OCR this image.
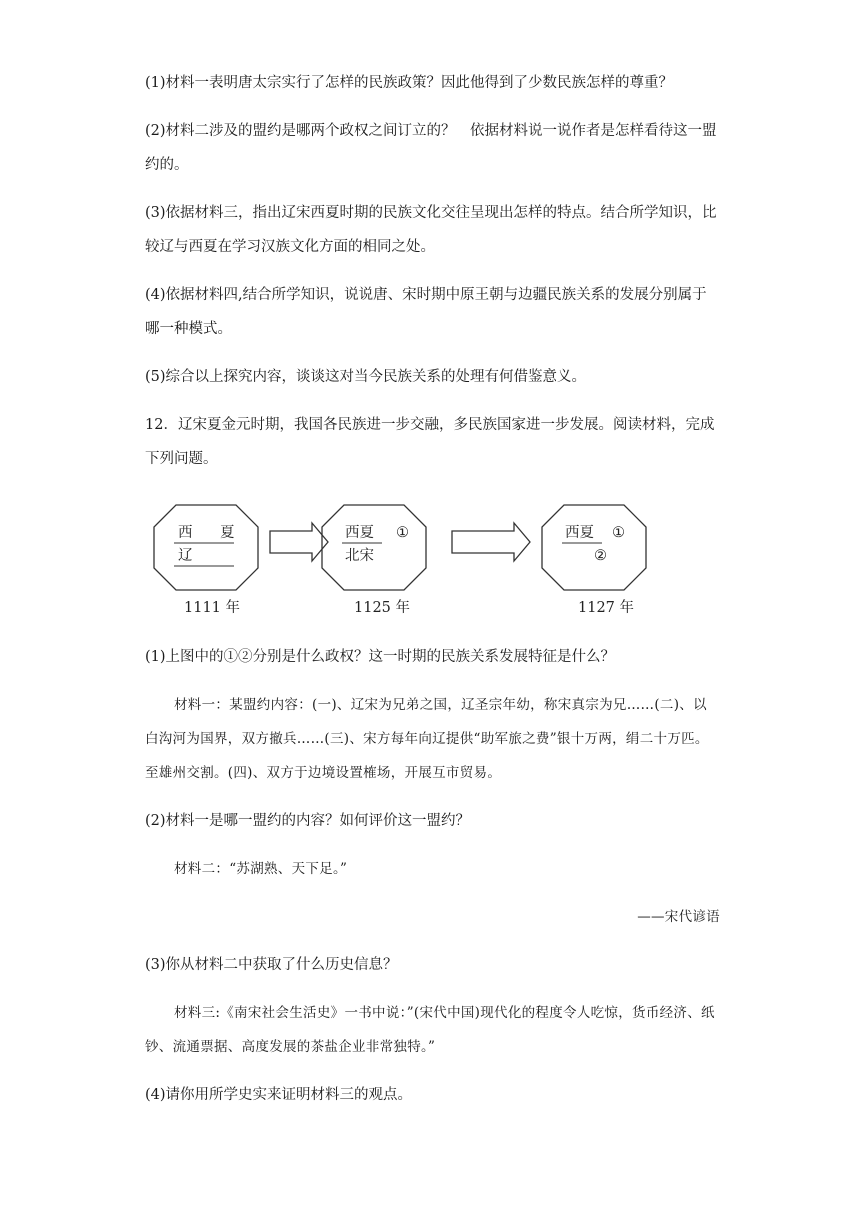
(1)材料一表明唐太宗实行了怎样的民族政策？因此他得到了少数民族怎样的尊重？
(2)材料二涉及的盟约是哪两个政权之间订立的？　依据材料说一说作者是怎样看待这一盟约的。
(3)依据材料三，指出辽宋西夏时期的民族文化交往呈现出怎样的特点。结合所学知识，比较辽与西夏在学习汉族文化方面的相同之处。
(4)依据材料四,结合所学知识，说说唐、宋时期中原王朝与边疆民族关系的发展分别属于哪一种模式。
(5)综合以上探究内容，谈谈这对当今民族关系的处理有何借鉴意义。
12．辽宋夏金元时期，我国各民族进一步交融，多民族国家进一步发展。阅读材料，完成下列问题。
西 夏
辽
1111 年
西夏 ①
北宋
1125 年
西夏 ①
②
1127 年
(1)上图中的①②分别是什么政权？这一时期的民族关系发展特征是什么？
材料一：某盟约内容：(一)、辽宋为兄弟之国，辽圣宗年幼，称宋真宗为兄……(二)、以白沟河为国界，双方撤兵……(三)、宋方每年向辽提供“助军旅之费”银十万两，绢二十万匹。至雄州交割。(四)、双方于边境设置榷场，开展互市贸易。
(2)材料一是哪一盟约的内容？如何评价这一盟约？
材料二：“苏湖熟、天下足。”
——宋代谚语
(3)你从材料二中获取了什么历史信息？
材料三:《南宋社会生活史》一书中说：”(宋代中国)现代化的程度令人吃惊，货币经济、纸钞、流通票据、高度发展的茶盐企业非常独特。”
(4)请你用所学史实来证明材料三的观点。
